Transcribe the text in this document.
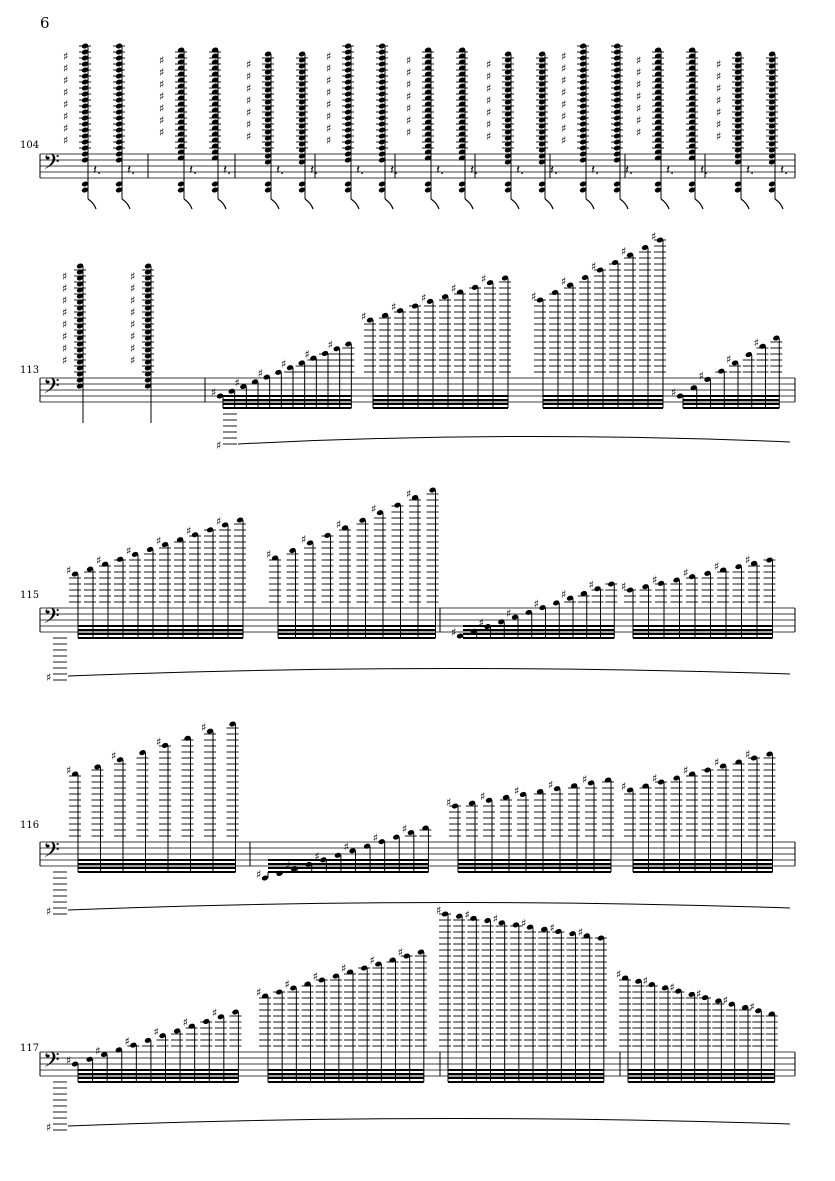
6
104
𝄢
♯
♯
♯
♯
♯
♯
♯
♯
𝄽. 𝄽.
♯
♯
♯
♯
♯
♯
♯
𝄽. 𝄽.
♯
♯
♯
♯
♯
♯
♯
𝄽. 𝄽.
♯
♯
♯
♯
♯
♯
♯
♯
𝄽. 𝄽.
♯
♯
♯
♯
♯
♯
♯
𝄽. 𝄽.
♯
♯
♯
♯
♯
♯
♯
𝄽. 𝄽.
♯
♯
♯
♯
♯
♯
♯
♯
𝄽. 𝄽.
♯
♯
♯
♯
♯
♯
♯
𝄽. 𝄽.
♯
♯
♯
♯
♯
♯
♯
𝄽. 𝄽.
113
𝄢
♯
♯
♯
♯
♯
♯
♯
♯
♯
♯
♯
♯
♯
♯
♯
♯
♯
♯
♯
♯
♯
♯
♯
♯
♯
♯
♯
♯
♯
♯
♯
♯
♯
♯
♯
♯
♯
115
𝄢
♯
♯
♯
♯
♯
♯
♯
♯
♯
♯
♯
♯
♯
♯
♯
♯
♯ ♯
♯
♯
♯
♯
♯
116
𝄢
♯
♯
♯
♯
♯
♯
♯
♯
♯
♯
♯	♯	♯	♯	♯
♯
♯
♯
♯
♯
♯
117 𝄢 ♯
♯
♯
♯
♯
♯
♯
♯
♯
♯
♯
♯
♯ ♯ ♯ ♯ ♯ ♯
♯
♯
♯
♯
♯
♯
♯
